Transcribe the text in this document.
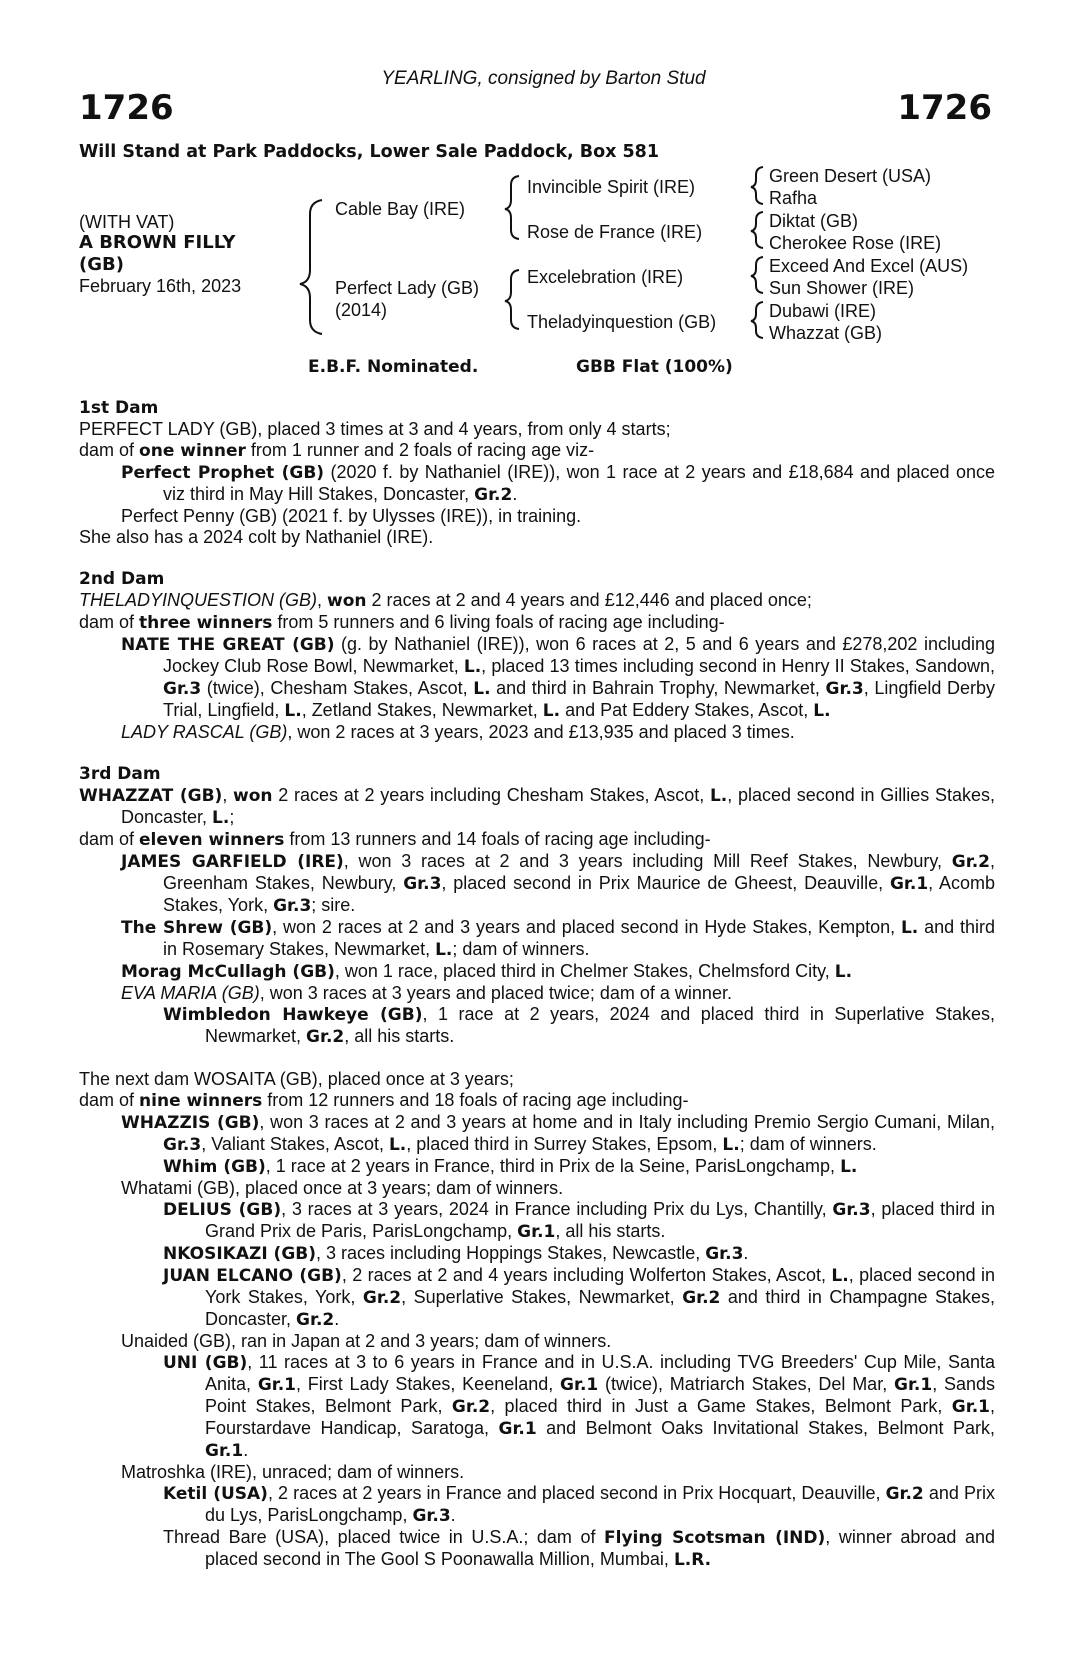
YEARLING, consigned by Barton Stud
1726	1726
Will Stand at Park Paddocks, Lower Sale Paddock, Box 581
(WITH VAT)
A BROWN FILLY
(GB)
February 16th, 2023
Cable Bay (IRE)
Perfect Lady (GB)
(2014)
Invincible Spirit (IRE)
Rose de France (IRE)
Excelebration (IRE)
Theladyinquestion (GB)
Green Desert (USA)
Rafha
Diktat (GB)
Cherokee Rose (IRE)
Exceed And Excel (AUS)
Sun Shower (IRE)
Dubawi (IRE)
Whazzat (GB)
E.B.F. Nominated.	GBB Flat (100%)

1st Dam

PERFECT LADY (GB), placed 3 times at 3 and 4 years, from only 4 starts;

dam of one winner from 1 runner and 2 foals of racing age viz-

Perfect Prophet (GB) (2020 f. by Nathaniel (IRE)), won 1 race at 2 years and £18,684 and placed once viz third in May Hill Stakes, Doncaster, Gr.2.

Perfect Penny (GB) (2021 f. by Ulysses (IRE)), in training.

She also has a 2024 colt by Nathaniel (IRE).

2nd Dam

THELADYINQUESTION (GB), won 2 races at 2 and 4 years and £12,446 and placed once;

dam of three winners from 5 runners and 6 living foals of racing age including-

NATE THE GREAT (GB) (g. by Nathaniel (IRE)), won 6 races at 2, 5 and 6 years and £278,202 including Jockey Club Rose Bowl, Newmarket, L., placed 13 times including second in Henry II Stakes, Sandown, Gr.3 (twice), Chesham Stakes, Ascot, L. and third in Bahrain Trophy, Newmarket, Gr.3, Lingfield Derby Trial, Lingfield, L., Zetland Stakes, Newmarket, L. and Pat Eddery Stakes, Ascot, L.

LADY RASCAL (GB), won 2 races at 3 years, 2023 and £13,935 and placed 3 times.

3rd Dam

WHAZZAT (GB), won 2 races at 2 years including Chesham Stakes, Ascot, L., placed second in Gillies Stakes, Doncaster, L.;

dam of eleven winners from 13 runners and 14 foals of racing age including-

JAMES GARFIELD (IRE), won 3 races at 2 and 3 years including Mill Reef Stakes, Newbury, Gr.2, Greenham Stakes, Newbury, Gr.3, placed second in Prix Maurice de Gheest, Deauville, Gr.1, Acomb Stakes, York, Gr.3; sire.

The Shrew (GB), won 2 races at 2 and 3 years and placed second in Hyde Stakes, Kempton, L. and third in Rosemary Stakes, Newmarket, L.; dam of winners.

Morag McCullagh (GB), won 1 race, placed third in Chelmer Stakes, Chelmsford City, L.

EVA MARIA (GB), won 3 races at 3 years and placed twice; dam of a winner.

Wimbledon Hawkeye (GB), 1 race at 2 years, 2024 and placed third in Superlative Stakes, Newmarket, Gr.2, all his starts.

The next dam WOSAITA (GB), placed once at 3 years;

dam of nine winners from 12 runners and 18 foals of racing age including-

WHAZZIS (GB), won 3 races at 2 and 3 years at home and in Italy including Premio Sergio Cumani, Milan, Gr.3, Valiant Stakes, Ascot, L., placed third in Surrey Stakes, Epsom, L.; dam of winners.

Whim (GB), 1 race at 2 years in France, third in Prix de la Seine, ParisLongchamp, L.

Whatami (GB), placed once at 3 years; dam of winners.

DELIUS (GB), 3 races at 3 years, 2024 in France including Prix du Lys, Chantilly, Gr.3, placed third in Grand Prix de Paris, ParisLongchamp, Gr.1, all his starts.

NKOSIKAZI (GB), 3 races including Hoppings Stakes, Newcastle, Gr.3.

JUAN ELCANO (GB), 2 races at 2 and 4 years including Wolferton Stakes, Ascot, L., placed second in York Stakes, York, Gr.2, Superlative Stakes, Newmarket, Gr.2 and third in Champagne Stakes, Doncaster, Gr.2.

Unaided (GB), ran in Japan at 2 and 3 years; dam of winners.

UNI (GB), 11 races at 3 to 6 years in France and in U.S.A. including TVG Breeders' Cup Mile, Santa Anita, Gr.1, First Lady Stakes, Keeneland, Gr.1 (twice), Matriarch Stakes, Del Mar, Gr.1, Sands Point Stakes, Belmont Park, Gr.2, placed third in Just a Game Stakes, Belmont Park, Gr.1, Fourstardave Handicap, Saratoga, Gr.1 and Belmont Oaks Invitational Stakes, Belmont Park, Gr.1.

Matroshka (IRE), unraced; dam of winners.

Ketil (USA), 2 races at 2 years in France and placed second in Prix Hocquart, Deauville, Gr.2 and Prix du Lys, ParisLongchamp, Gr.3.

Thread Bare (USA), placed twice in U.S.A.; dam of Flying Scotsman (IND), winner abroad and placed second in The Gool S Poonawalla Million, Mumbai, L.R.
